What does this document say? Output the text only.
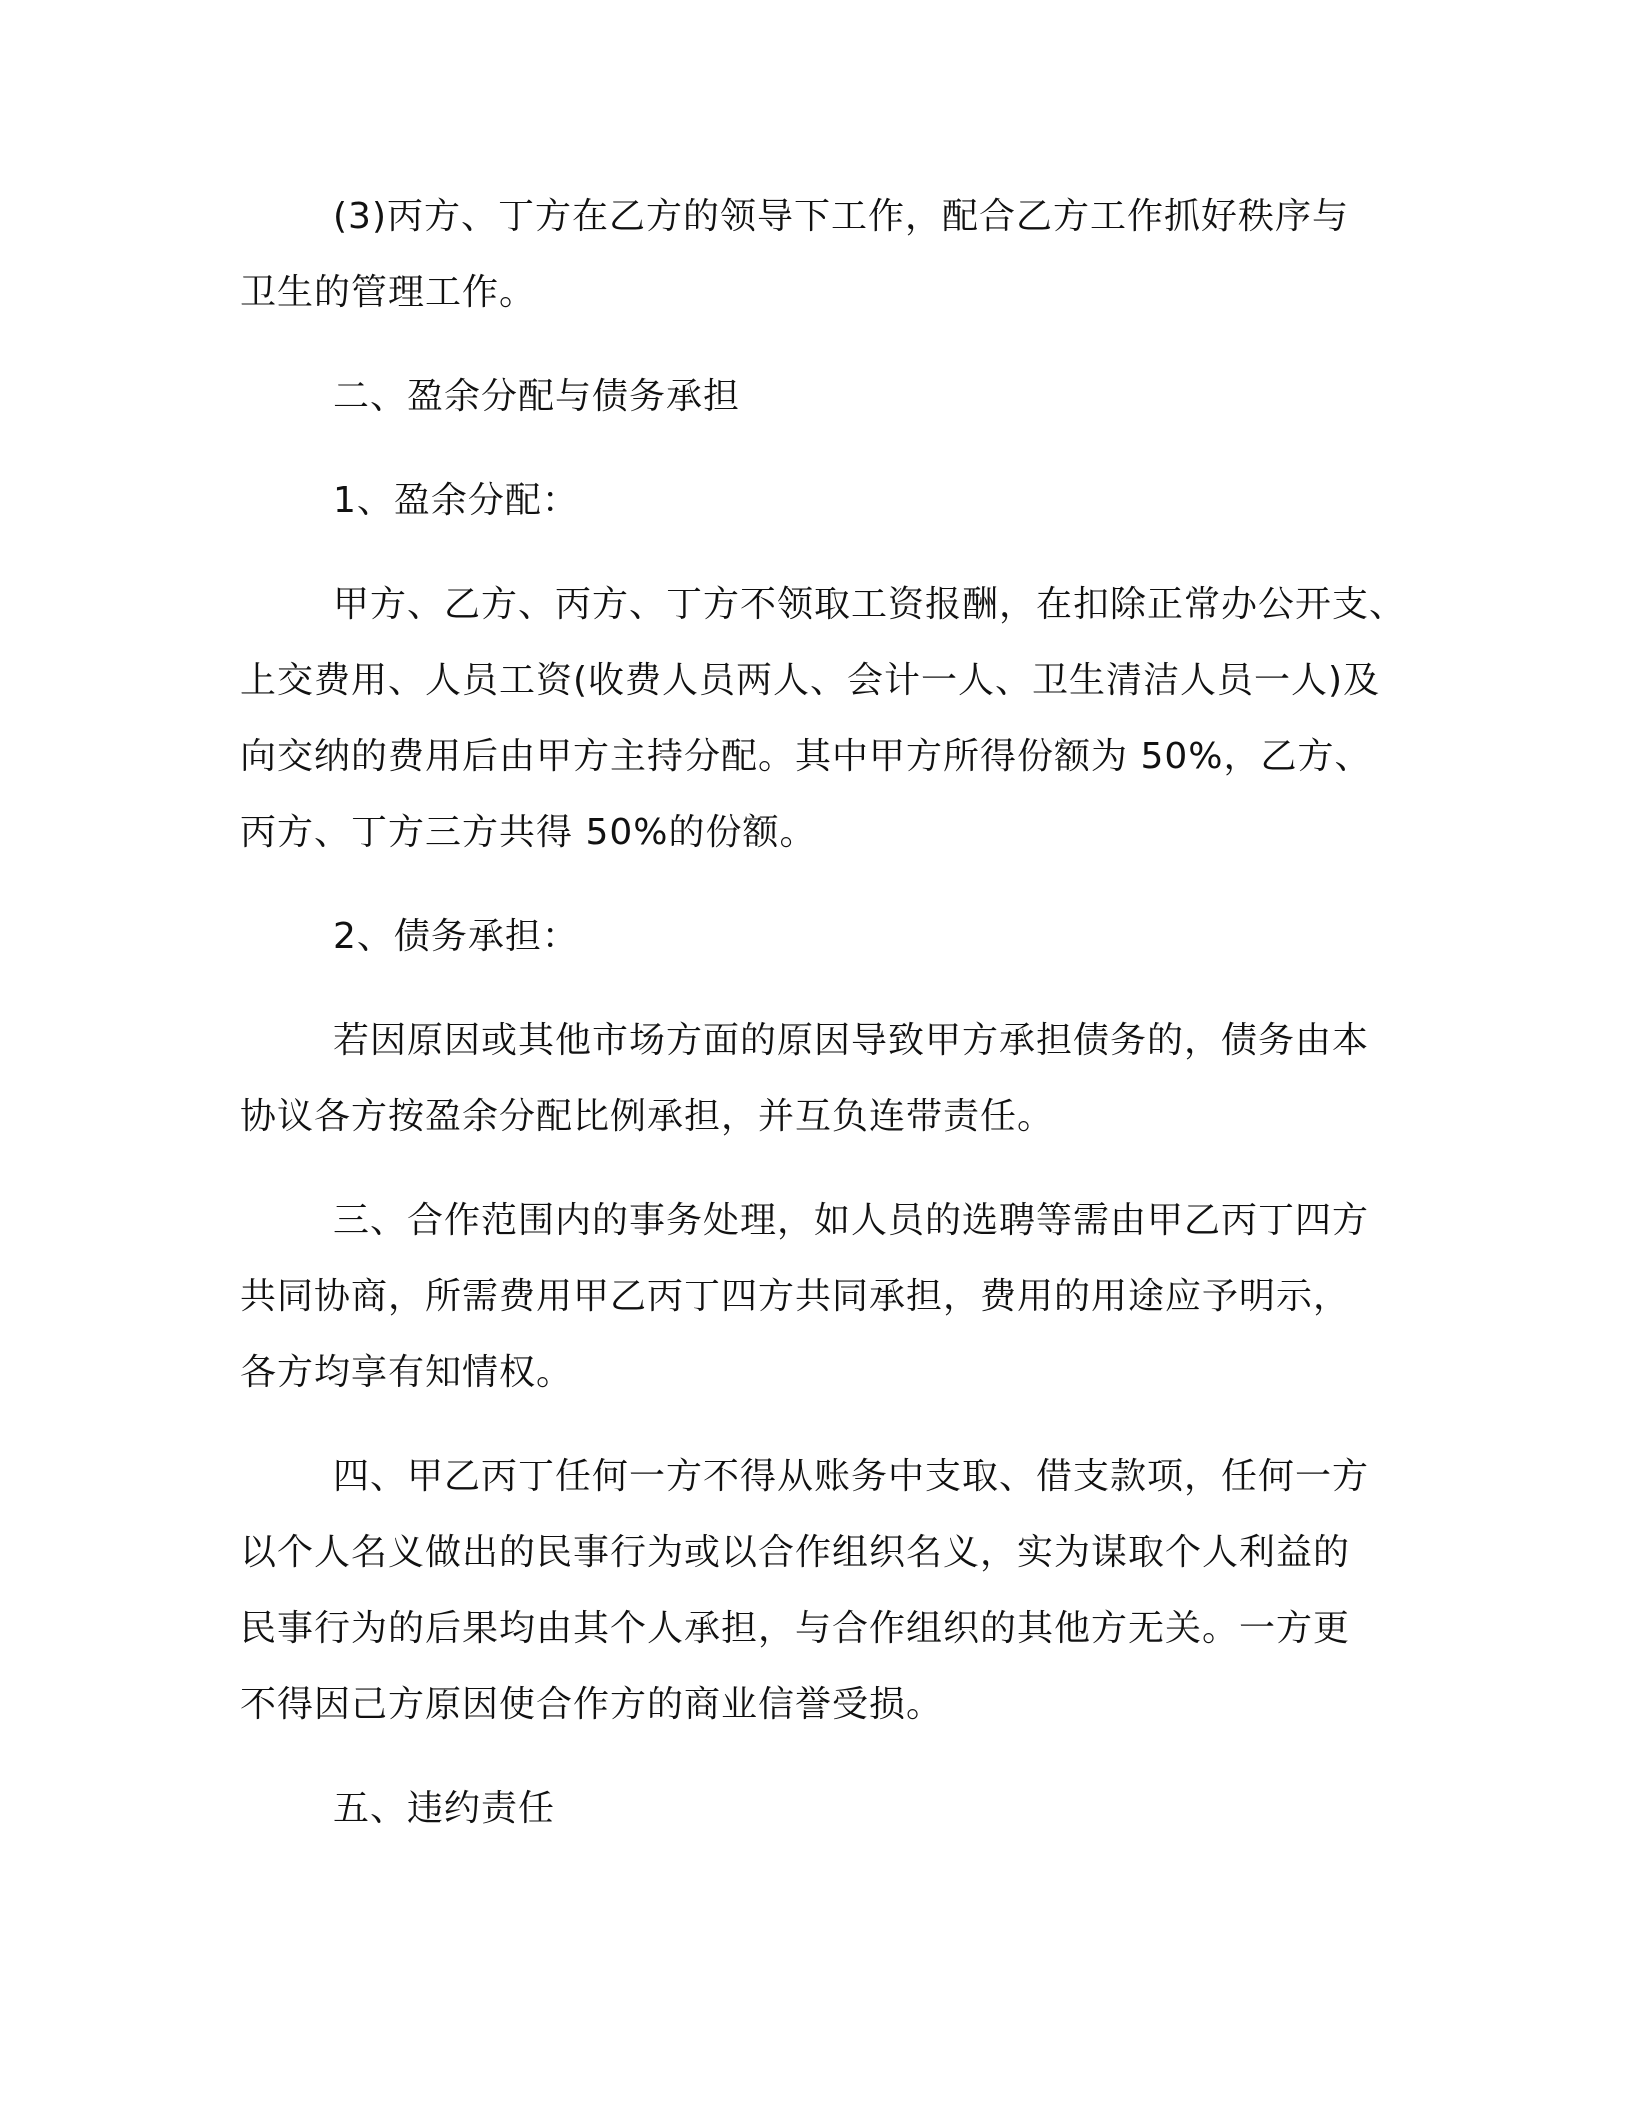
(3)丙方、丁方在乙方的领导下工作，配合乙方工作抓好秩序与
卫生的管理工作。
二、盈余分配与债务承担
1、盈余分配：
甲方、乙方、丙方、丁方不领取工资报酬，在扣除正常办公开支、
上交费用、人员工资(收费人员两人、会计一人、卫生清洁人员一人)及
向交纳的费用后由甲方主持分配。其中甲方所得份额为 50%，乙方、
丙方、丁方三方共得 50%的份额。
2、债务承担：
若因原因或其他市场方面的原因导致甲方承担债务的，债务由本
协议各方按盈余分配比例承担，并互负连带责任。
三、合作范围内的事务处理，如人员的选聘等需由甲乙丙丁四方
共同协商，所需费用甲乙丙丁四方共同承担，费用的用途应予明示，
各方均享有知情权。
四、甲乙丙丁任何一方不得从账务中支取、借支款项，任何一方
以个人名义做出的民事行为或以合作组织名义，实为谋取个人利益的
民事行为的后果均由其个人承担，与合作组织的其他方无关。一方更
不得因己方原因使合作方的商业信誉受损。
五、违约责任
